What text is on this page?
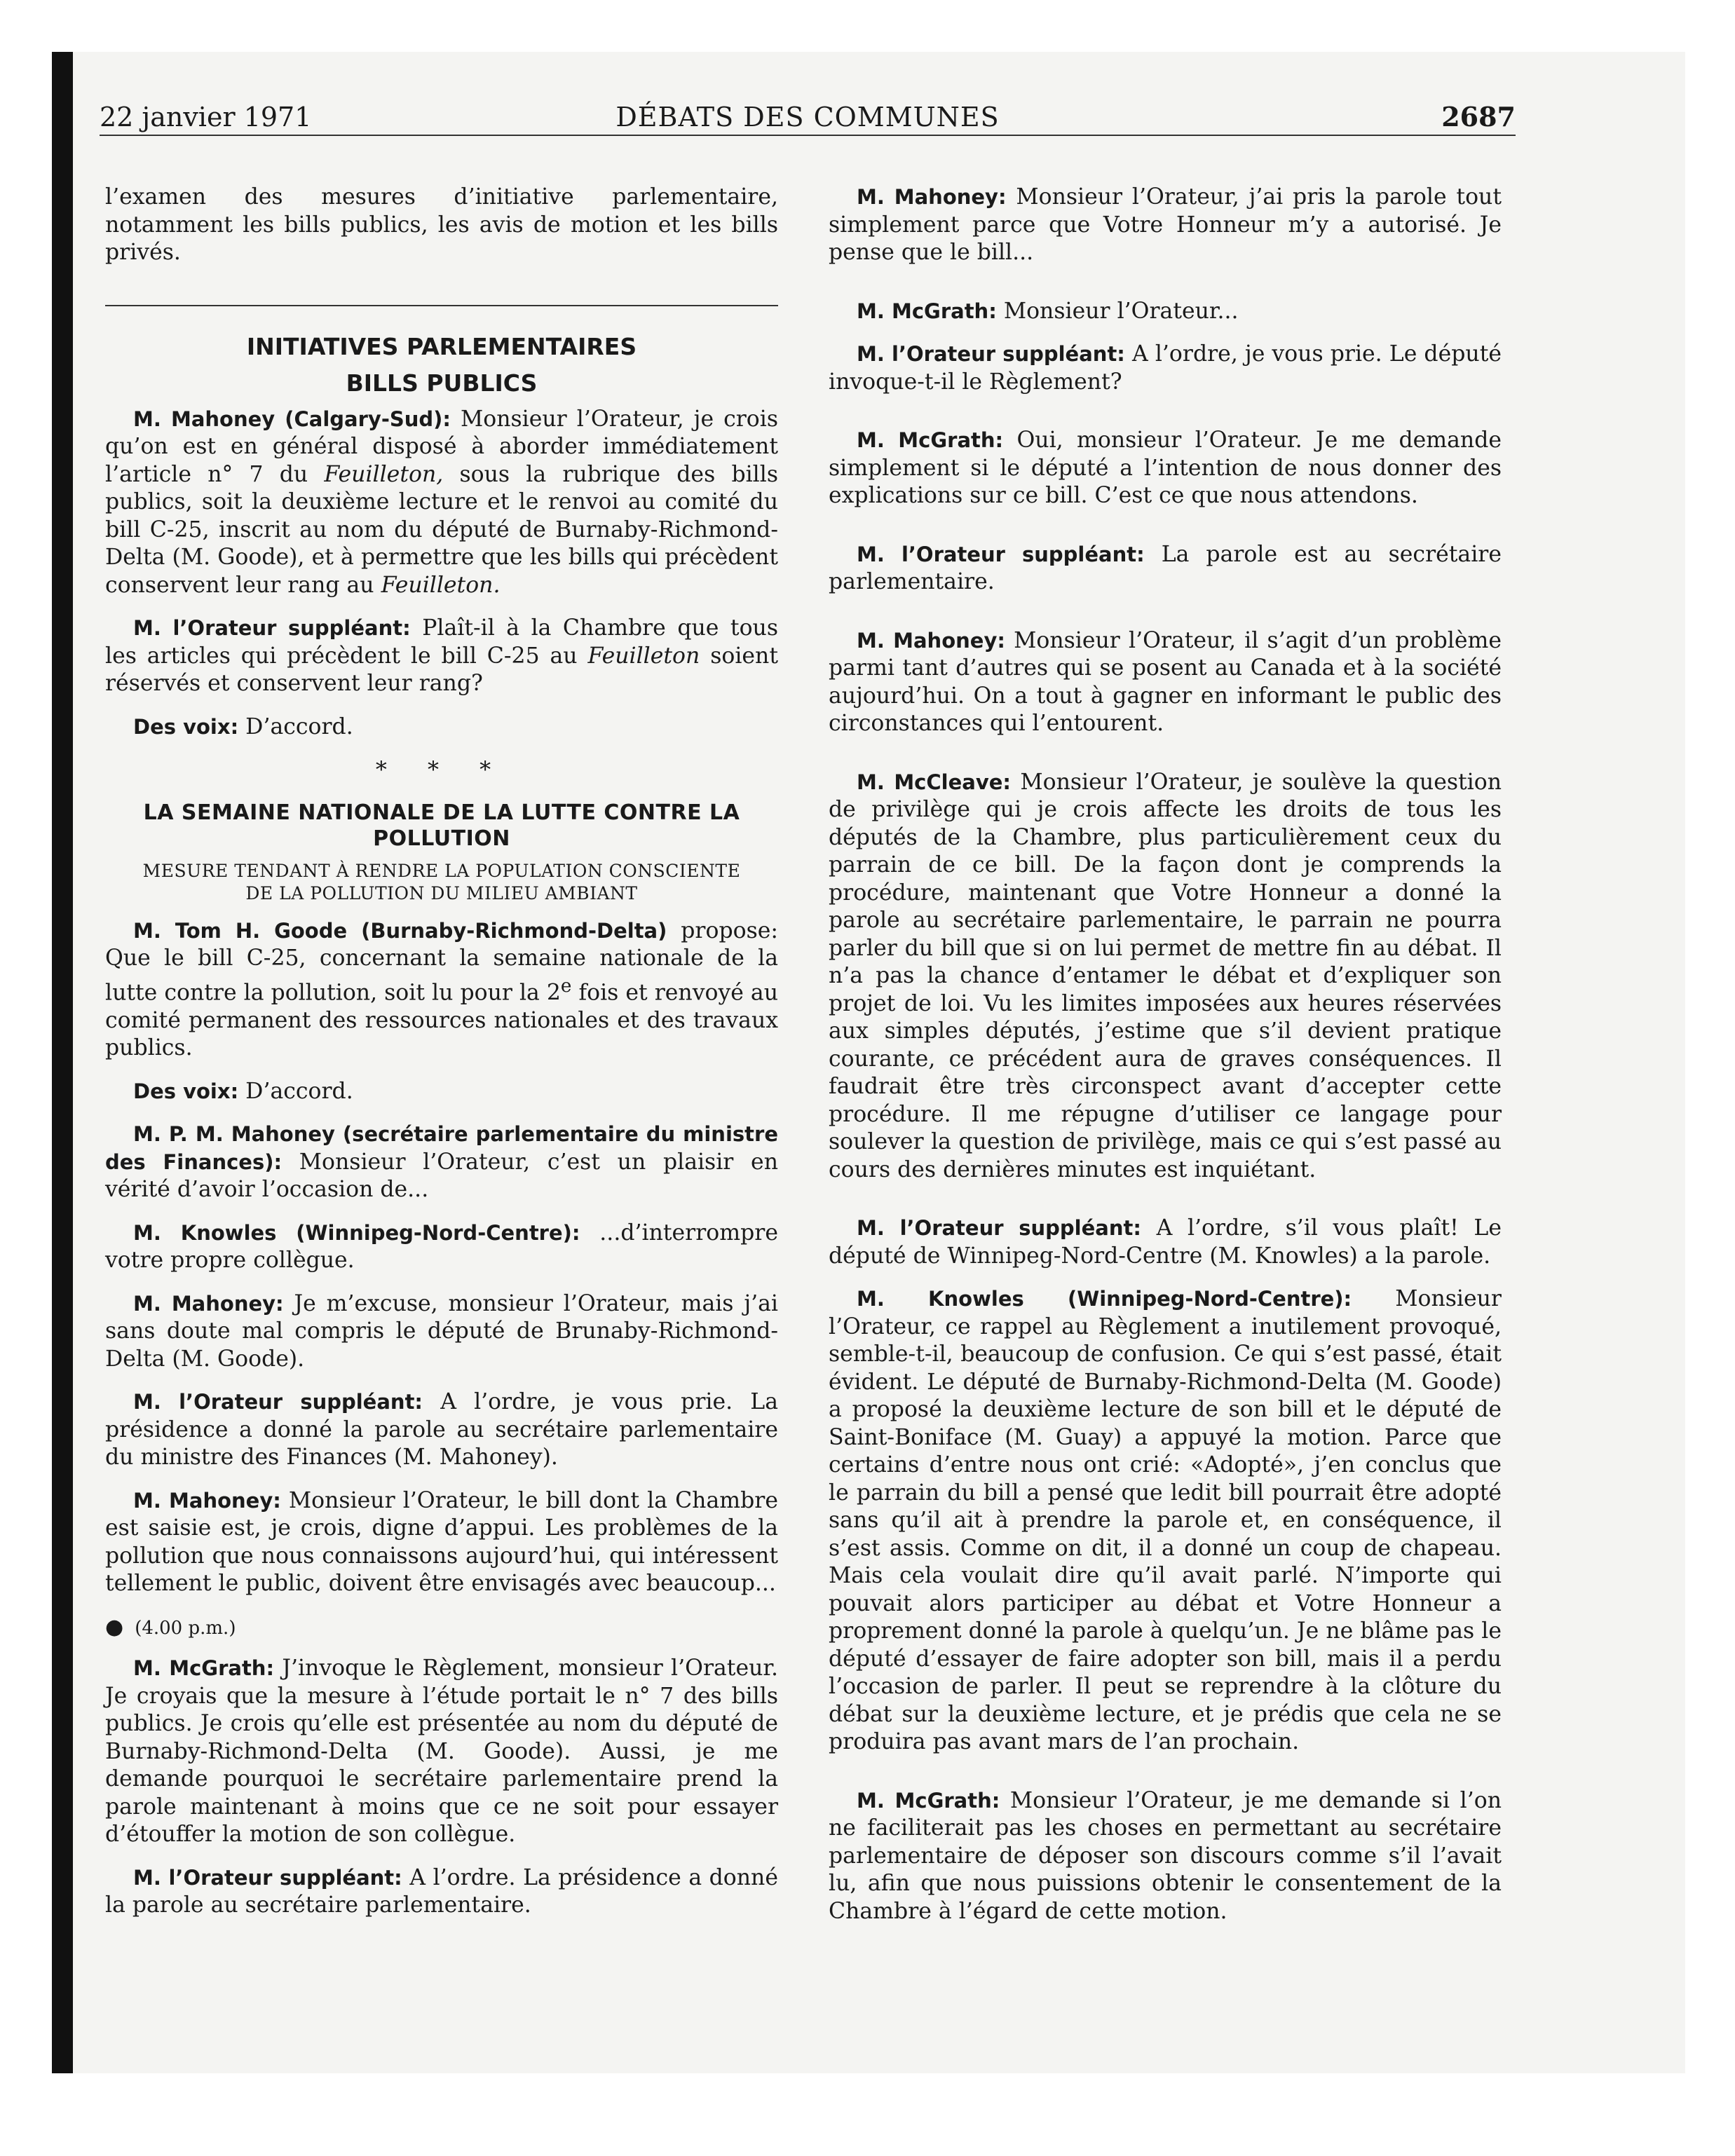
DÉBATS DES COMMUNES
22 janvier 1971	2687

l’examen des mesures d’initiative parlementaire, notamment les bills publics, les avis de motion et les bills privés.

INITIATIVES PARLEMENTAIRES
BILLS PUBLICS

M. Mahoney (Calgary-Sud): Monsieur l’Orateur, je crois qu’on est en général disposé à aborder immédiatement l’article n° 7 du Feuilleton, sous la rubrique des bills publics, soit la deuxième lecture et le renvoi au comité du bill C-25, inscrit au nom du député de Burnaby-Richmond-Delta (M. Goode), et à permettre que les bills qui précèdent conservent leur rang au Feuilleton.

M. l’Orateur suppléant: Plaît-il à la Chambre que tous les articles qui précèdent le bill C-25 au Feuilleton soient réservés et conservent leur rang?

Des voix: D’accord.

* * *
LA SEMAINE NATIONALE DE LA LUTTE CONTRE LA POLLUTION
MESURE TENDANT À RENDRE LA POPULATION CONSCIENTE DE LA POLLUTION DU MILIEU AMBIANT

M. Tom H. Goode (Burnaby-Richmond-Delta) propose: Que le bill C-25, concernant la semaine nationale de la lutte contre la pollution, soit lu pour la 2e fois et renvoyé au comité permanent des ressources nationales et des travaux publics.

Des voix: D’accord.

M. P. M. Mahoney (secrétaire parlementaire du ministre des Finances): Monsieur l’Orateur, c’est un plaisir en vérité d’avoir l’occasion de...

M. Knowles (Winnipeg-Nord-Centre): ...d’interrompre votre propre collègue.

M. Mahoney: Je m’excuse, monsieur l’Orateur, mais j’ai sans doute mal compris le député de Brunaby-Richmond-Delta (M. Goode).

M. l’Orateur suppléant: A l’ordre, je vous prie. La présidence a donné la parole au secrétaire parlementaire du ministre des Finances (M. Mahoney).

M. Mahoney: Monsieur l’Orateur, le bill dont la Chambre est saisie est, je crois, digne d’appui. Les problèmes de la pollution que nous connaissons aujourd’hui, qui intéressent tellement le public, doivent être envisagés avec beaucoup...

● (4.00 p.m.)

M. McGrath: J’invoque le Règlement, monsieur l’Orateur. Je croyais que la mesure à l’étude portait le n° 7 des bills publics. Je crois qu’elle est présentée au nom du député de Burnaby-Richmond-Delta (M. Goode). Aussi, je me demande pourquoi le secrétaire parlementaire prend la parole maintenant à moins que ce ne soit pour essayer d’étouffer la motion de son collègue.

M. l’Orateur suppléant: A l’ordre. La présidence a donné la parole au secrétaire parlementaire.

M. Mahoney: Monsieur l’Orateur, j’ai pris la parole tout simplement parce que Votre Honneur m’y a autorisé. Je pense que le bill...

M. McGrath: Monsieur l’Orateur...

M. l’Orateur suppléant: A l’ordre, je vous prie. Le député invoque-t-il le Règlement?

M. McGrath: Oui, monsieur l’Orateur. Je me demande simplement si le député a l’intention de nous donner des explications sur ce bill. C’est ce que nous attendons.

M. l’Orateur suppléant: La parole est au secrétaire parlementaire.

M. Mahoney: Monsieur l’Orateur, il s’agit d’un problème parmi tant d’autres qui se posent au Canada et à la société aujourd’hui. On a tout à gagner en informant le public des circonstances qui l’entourent.

M. McCleave: Monsieur l’Orateur, je soulève la question de privilège qui je crois affecte les droits de tous les députés de la Chambre, plus particulièrement ceux du parrain de ce bill. De la façon dont je comprends la procédure, maintenant que Votre Honneur a donné la parole au secrétaire parlementaire, le parrain ne pourra parler du bill que si on lui permet de mettre fin au débat. Il n’a pas la chance d’entamer le débat et d’expliquer son projet de loi. Vu les limites imposées aux heures réservées aux simples députés, j’estime que s’il devient pratique courante, ce précédent aura de graves conséquences. Il faudrait être très circonspect avant d’accepter cette procédure. Il me répugne d’utiliser ce langage pour soulever la question de privilège, mais ce qui s’est passé au cours des dernières minutes est inquiétant.

M. l’Orateur suppléant: A l’ordre, s’il vous plaît! Le député de Winnipeg-Nord-Centre (M. Knowles) a la parole.

M. Knowles (Winnipeg-Nord-Centre): Monsieur l’Orateur, ce rappel au Règlement a inutilement provoqué, semble-t-il, beaucoup de confusion. Ce qui s’est passé, était évident. Le député de Burnaby-Richmond-Delta (M. Goode) a proposé la deuxième lecture de son bill et le député de Saint-Boniface (M. Guay) a appuyé la motion. Parce que certains d’entre nous ont crié: «Adopté», j’en conclus que le parrain du bill a pensé que ledit bill pourrait être adopté sans qu’il ait à prendre la parole et, en conséquence, il s’est assis. Comme on dit, il a donné un coup de chapeau. Mais cela voulait dire qu’il avait parlé. N’importe qui pouvait alors participer au débat et Votre Honneur a proprement donné la parole à quelqu’un. Je ne blâme pas le député d’essayer de faire adopter son bill, mais il a perdu l’occasion de parler. Il peut se reprendre à la clôture du débat sur la deuxième lecture, et je prédis que cela ne se produira pas avant mars de l’an prochain.

M. McGrath: Monsieur l’Orateur, je me demande si l’on ne faciliterait pas les choses en permettant au secrétaire parlementaire de déposer son discours comme s’il l’avait lu, afin que nous puissions obtenir le consentement de la Chambre à l’égard de cette motion.
